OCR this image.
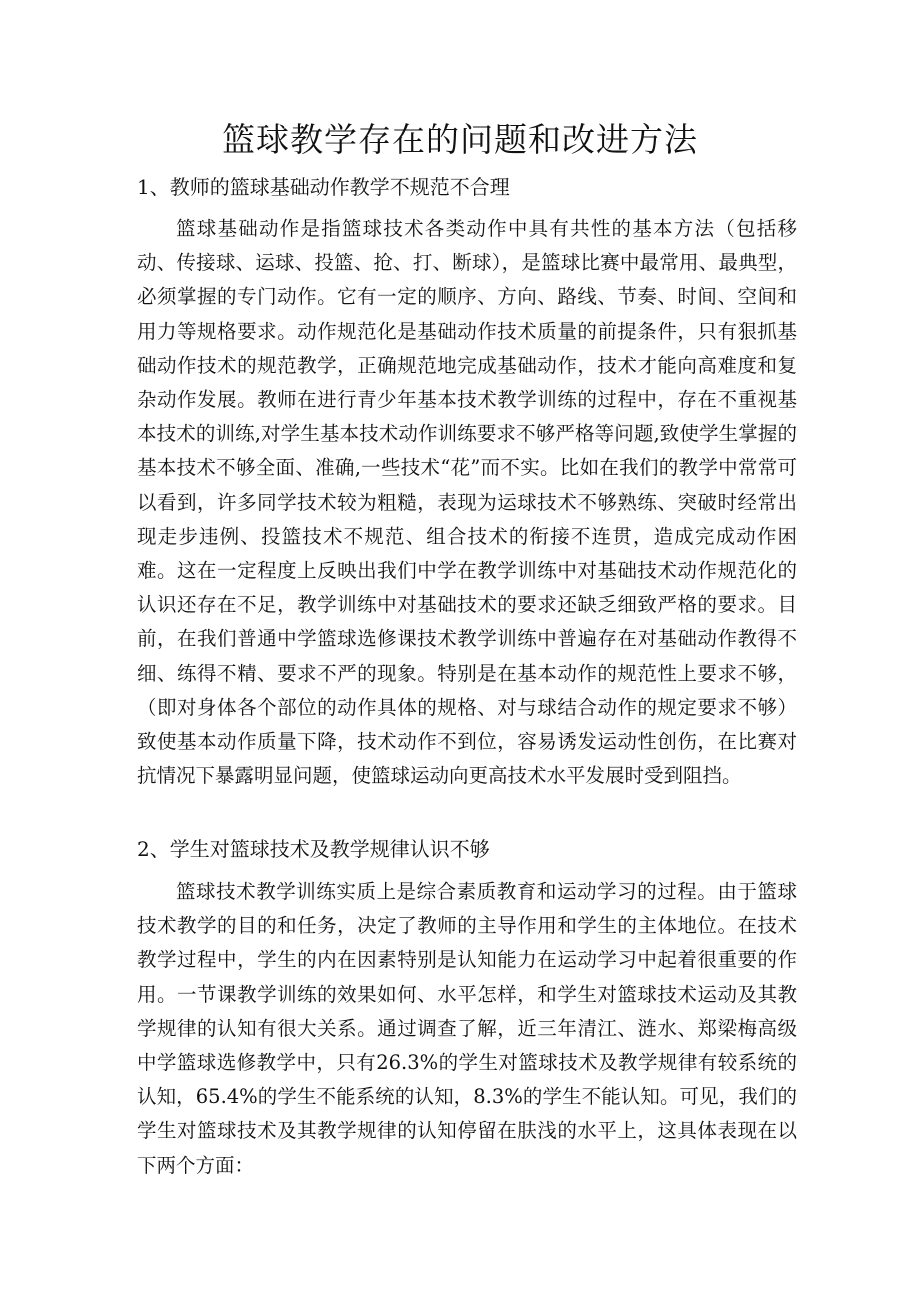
篮球教学存在的问题和改进方法
1、教师的篮球基础动作教学不规范不合理

篮球基础动作是指篮球技术各类动作中具有共性的基本方法（包括移动、传接球、运球、投篮、抢、打、断球），是篮球比赛中最常用、最典型，必须掌握的专门动作。它有一定的顺序、方向、路线、节奏、时间、空间和用力等规格要求。动作规范化是基础动作技术质量的前提条件，只有狠抓基础动作技术的规范教学，正确规范地完成基础动作，技术才能向高难度和复杂动作发展。教师在进行青少年基本技术教学训练的过程中，存在不重视基本技术的训练,对学生基本技术动作训练要求不够严格等问题,致使学生掌握的基本技术不够全面、准确,一些技术“花”而不实。比如在我们的教学中常常可以看到，许多同学技术较为粗糙，表现为运球技术不够熟练、突破时经常出现走步违例、投篮技术不规范、组合技术的衔接不连贯，造成完成动作困难。这在一定程度上反映出我们中学在教学训练中对基础技术动作规范化的认识还存在不足，教学训练中对基础技术的要求还缺乏细致严格的要求。目前，在我们普通中学篮球选修课技术教学训练中普遍存在对基础动作教得不细、练得不精、要求不严的现象。特别是在基本动作的规范性上要求不够，（即对身体各个部位的动作具体的规格、对与球结合动作的规定要求不够）致使基本动作质量下降，技术动作不到位，容易诱发运动性创伤，在比赛对抗情况下暴露明显问题，使篮球运动向更高技术水平发展时受到阻挡。

2、学生对篮球技术及教学规律认识不够

篮球技术教学训练实质上是综合素质教育和运动学习的过程。由于篮球技术教学的目的和任务，决定了教师的主导作用和学生的主体地位。在技术教学过程中，学生的内在因素特别是认知能力在运动学习中起着很重要的作用。一节课教学训练的效果如何、水平怎样，和学生对篮球技术运动及其教学规律的认知有很大关系。通过调查了解，近三年清江、涟水、郑梁梅高级中学篮球选修教学中，只有26.3%的学生对篮球技术及教学规律有较系统的认知，65.4%的学生不能系统的认知，8.3%的学生不能认知。可见，我们的学生对篮球技术及其教学规律的认知停留在肤浅的水平上，这具体表现在以下两个方面：
